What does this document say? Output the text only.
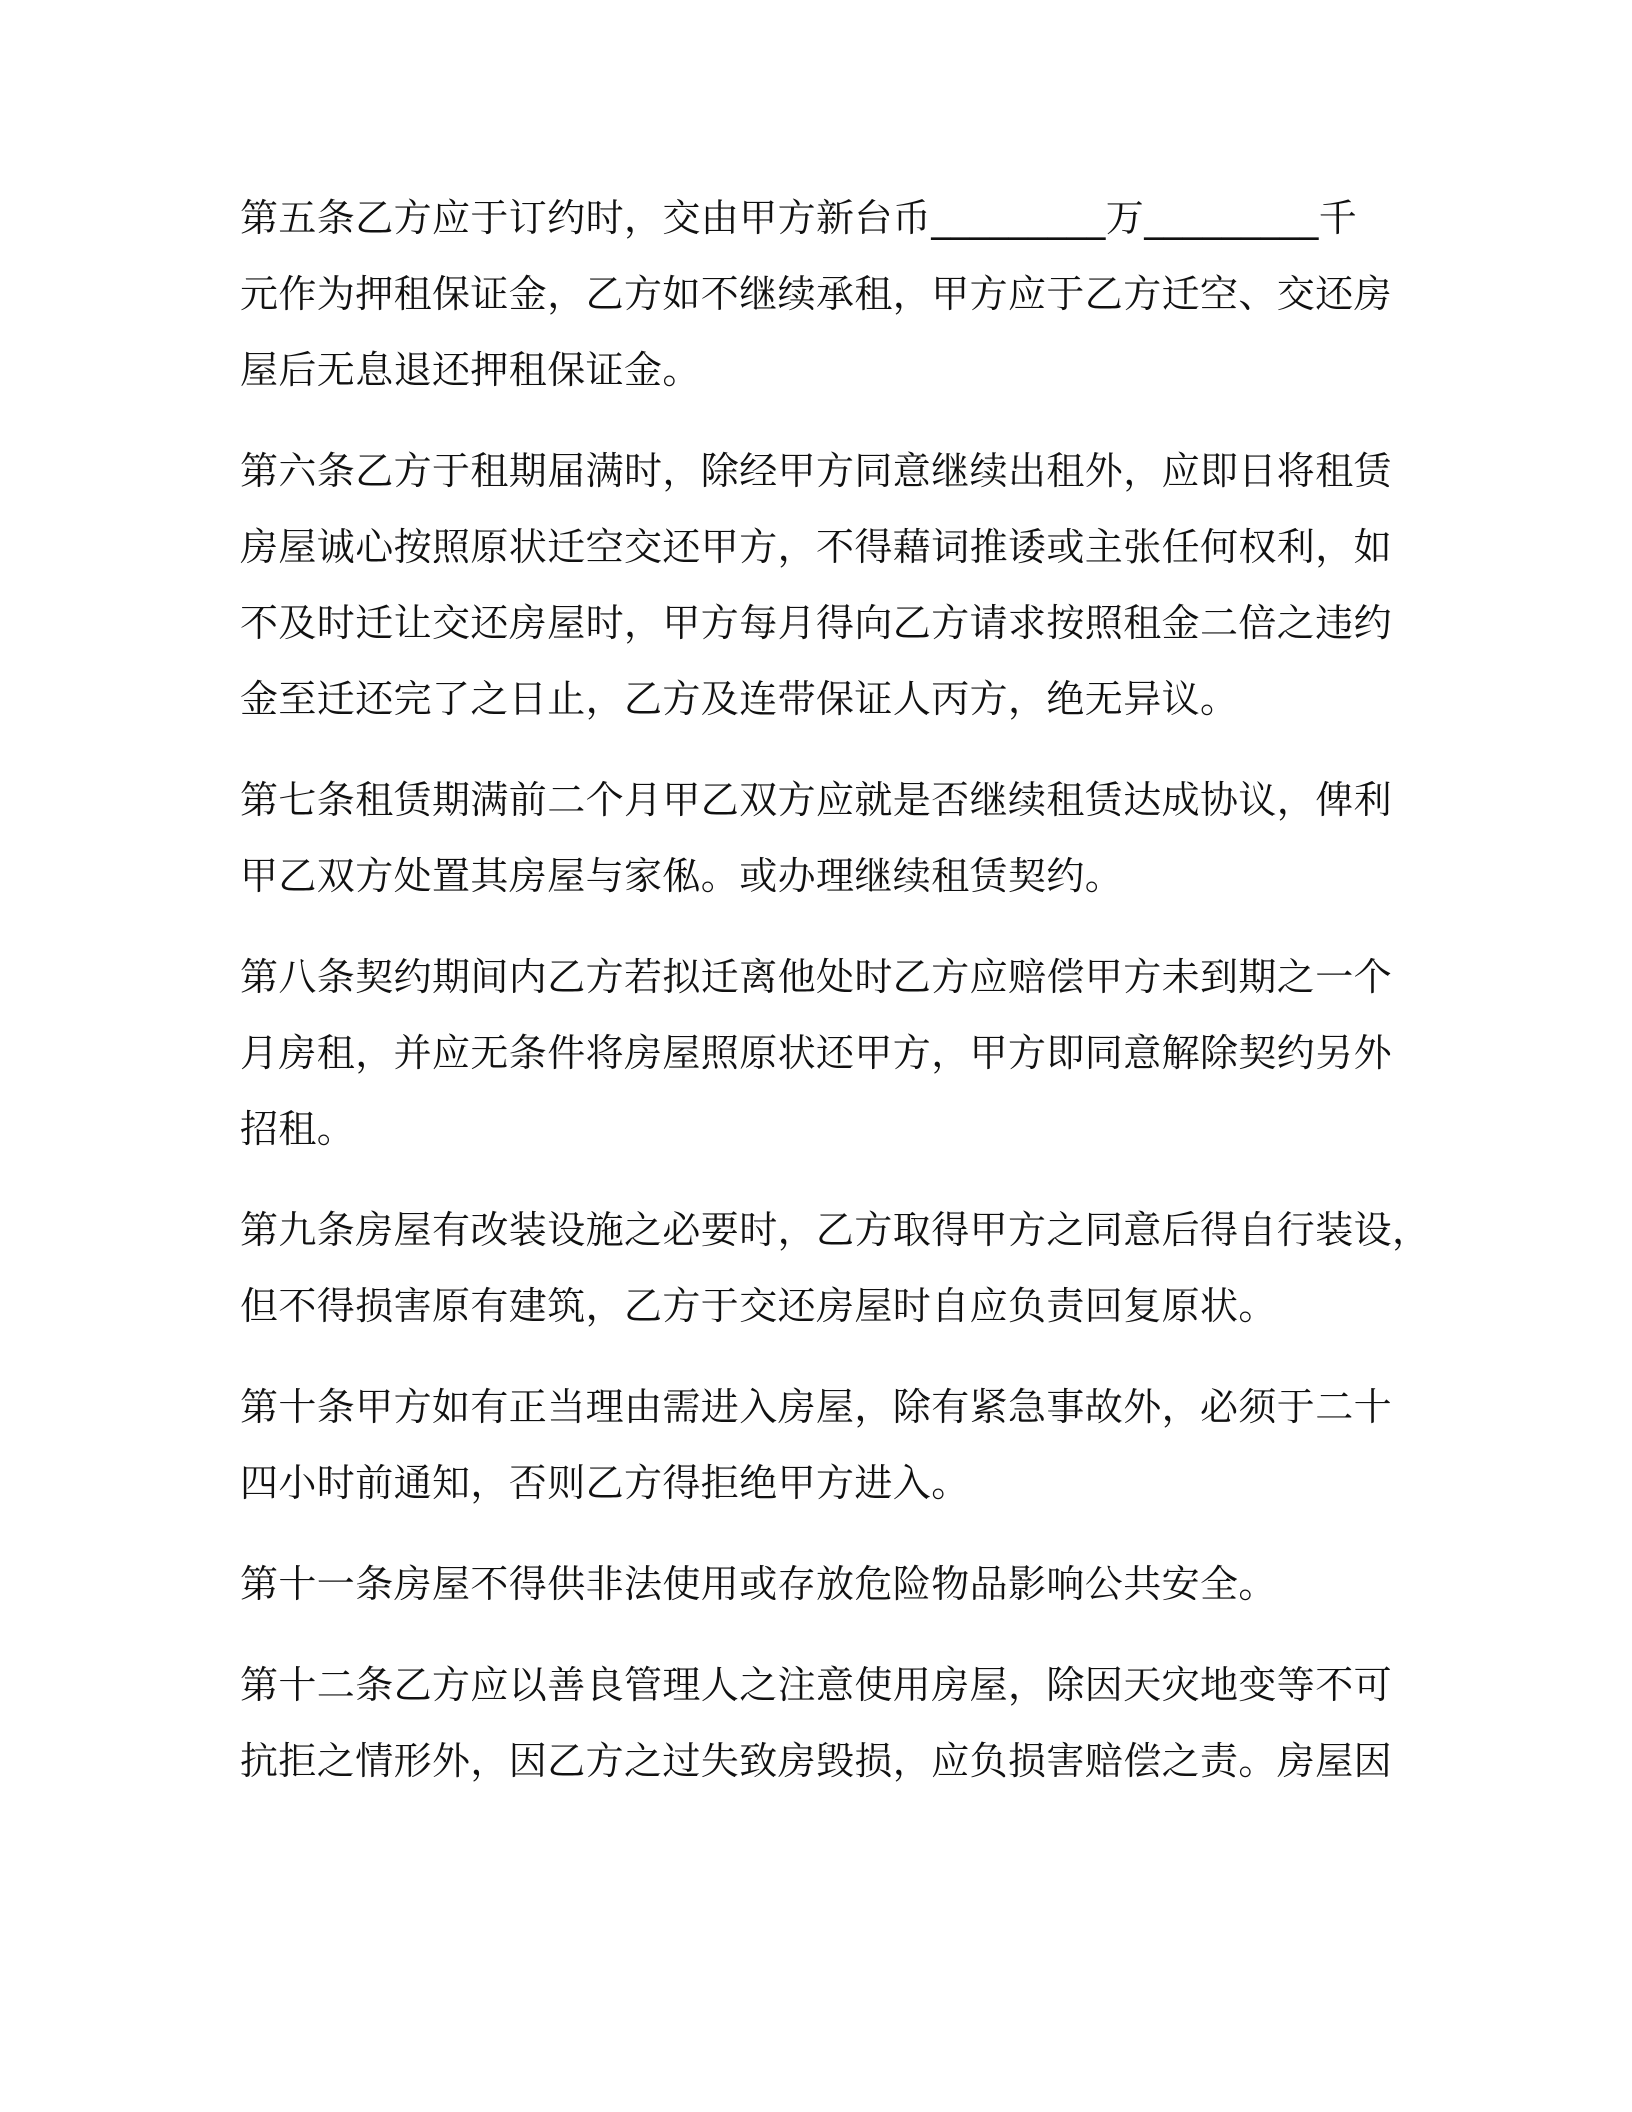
第五条乙方应于订约时，交由甲方新台币_________万_________千
元作为押租保证金，乙方如不继续承租，甲方应于乙方迁空、交还房
屋后无息退还押租保证金。

第六条乙方于租期届满时，除经甲方同意继续出租外，应即日将租赁
房屋诚心按照原状迁空交还甲方，不得藉词推诿或主张任何权利，如
不及时迁让交还房屋时，甲方每月得向乙方请求按照租金二倍之违约
金至迁还完了之日止，乙方及连带保证人丙方，绝无异议。

第七条租赁期满前二个月甲乙双方应就是否继续租赁达成协议，俾利
甲乙双方处置其房屋与家俬。或办理继续租赁契约。

第八条契约期间内乙方若拟迁离他处时乙方应赔偿甲方未到期之一个
月房租，并应无条件将房屋照原状还甲方，甲方即同意解除契约另外
招租。

第九条房屋有改装设施之必要时，乙方取得甲方之同意后得自行装设，
但不得损害原有建筑，乙方于交还房屋时自应负责回复原状。

第十条甲方如有正当理由需进入房屋，除有紧急事故外，必须于二十
四小时前通知，否则乙方得拒绝甲方进入。

第十一条房屋不得供非法使用或存放危险物品影响公共安全。

第十二条乙方应以善良管理人之注意使用房屋，除因天灾地变等不可
抗拒之情形外，因乙方之过失致房毁损，应负损害赔偿之责。房屋因
